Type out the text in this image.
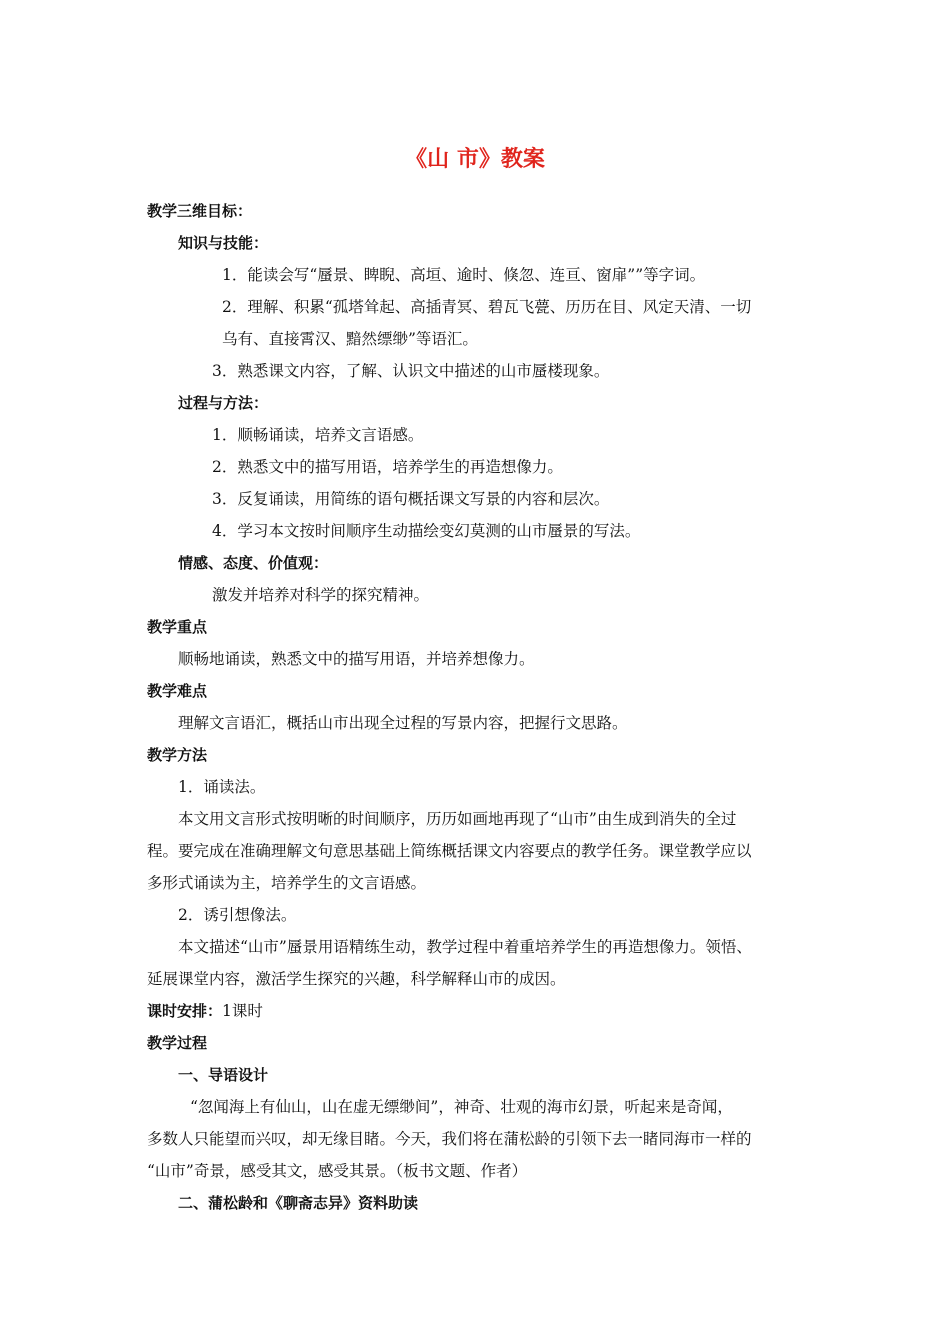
《山 市》教案
教学三维目标：
知识与技能：
1．能读会写“蜃景、睥睨、高垣、逾时、倏忽、连亘、窗扉””等字词。
2．理解、积累“孤塔耸起、高插青冥、碧瓦飞甍、历历在目、风定天清、一切
乌有、直接霄汉、黯然缥缈”等语汇。
3．熟悉课文内容，了解、认识文中描述的山市蜃楼现象。
过程与方法：
1．顺畅诵读，培养文言语感。
2．熟悉文中的描写用语，培养学生的再造想像力。
3．反复诵读，用简练的语句概括课文写景的内容和层次。
4．学习本文按时间顺序生动描绘变幻莫测的山市蜃景的写法。
情感、态度、价值观：
激发并培养对科学的探究精神。
教学重点
顺畅地诵读，熟悉文中的描写用语，并培养想像力。
教学难点
理解文言语汇，概括山市出现全过程的写景内容，把握行文思路。
教学方法
1．诵读法。
本文用文言形式按明晰的时间顺序，历历如画地再现了“山市”由生成到消失的全过
程。要完成在准确理解文句意思基础上简练概括课文内容要点的教学任务。课堂教学应以
多形式诵读为主，培养学生的文言语感。
2．诱引想像法。
本文描述“山市”蜃景用语精练生动，教学过程中着重培养学生的再造想像力。领悟、
延展课堂内容，激活学生探究的兴趣，科学解释山市的成因。
课时安排：1课时
教学过程
一、导语设计
“忽闻海上有仙山，山在虚无缥缈间”，神奇、壮观的海市幻景，听起来是奇闻，
多数人只能望而兴叹，却无缘目睹。今天，我们将在蒲松龄的引领下去一睹同海市一样的
“山市”奇景，感受其文，感受其景。（板书文题、作者）
二、蒲松龄和《聊斋志异》资料助读
